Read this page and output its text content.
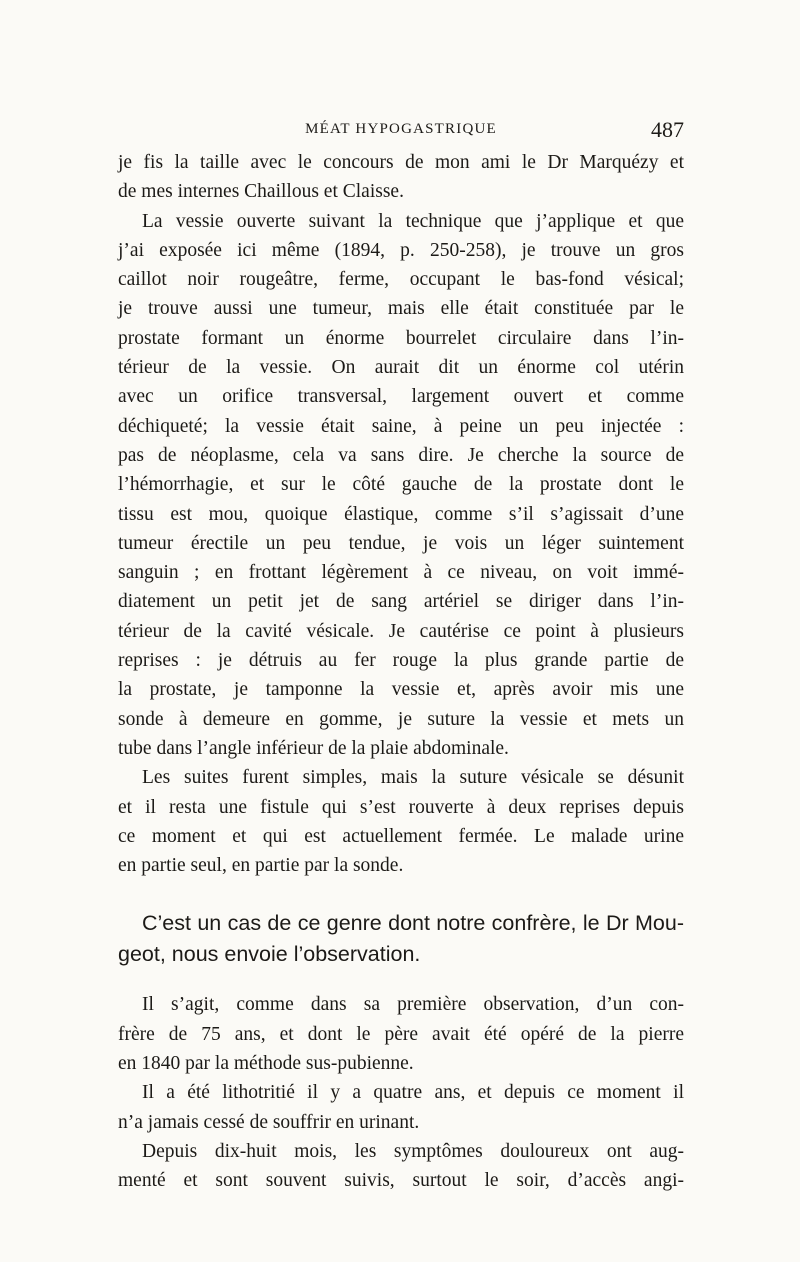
MÉAT HYPOGASTRIQUE	487
je fis la taille avec le concours de mon ami le Dr Marquézy et
de mes internes Chaillous et Claisse.
La vessie ouverte suivant la technique que j’applique et que
j’ai exposée ici même (1894, p. 250-258), je trouve un gros
caillot noir rougeâtre, ferme, occupant le bas-fond vésical;
je trouve aussi une tumeur, mais elle était constituée par le
prostate formant un énorme bourrelet circulaire dans l’in-
térieur de la vessie. On aurait dit un énorme col utérin
avec un orifice transversal, largement ouvert et comme
déchiqueté; la vessie était saine, à peine un peu injectée :
pas de néoplasme, cela va sans dire. Je cherche la source de
l’hémorrhagie, et sur le côté gauche de la prostate dont le
tissu est mou, quoique élastique, comme s’il s’agissait d’une
tumeur érectile un peu tendue, je vois un léger suintement
sanguin ; en frottant légèrement à ce niveau, on voit immé-
diatement un petit jet de sang artériel se diriger dans l’in-
térieur de la cavité vésicale. Je cautérise ce point à plusieurs
reprises : je détruis au fer rouge la plus grande partie de
la prostate, je tamponne la vessie et, après avoir mis une
sonde à demeure en gomme, je suture la vessie et mets un
tube dans l’angle inférieur de la plaie abdominale.
Les suites furent simples, mais la suture vésicale se désunit
et il resta une fistule qui s’est rouverte à deux reprises depuis
ce moment et qui est actuellement fermée. Le malade urine
en partie seul, en partie par la sonde.
C’est un cas de ce genre dont notre confrère, le Dr Mou-
geot, nous envoie l’observation.
Il s’agit, comme dans sa première observation, d’un con-
frère de 75 ans, et dont le père avait été opéré de la pierre
en 1840 par la méthode sus-pubienne.
Il a été lithotritié il y a quatre ans, et depuis ce moment il
n’a jamais cessé de souffrir en urinant.
Depuis dix-huit mois, les symptômes douloureux ont aug-
menté et sont souvent suivis, surtout le soir, d’accès angi-
